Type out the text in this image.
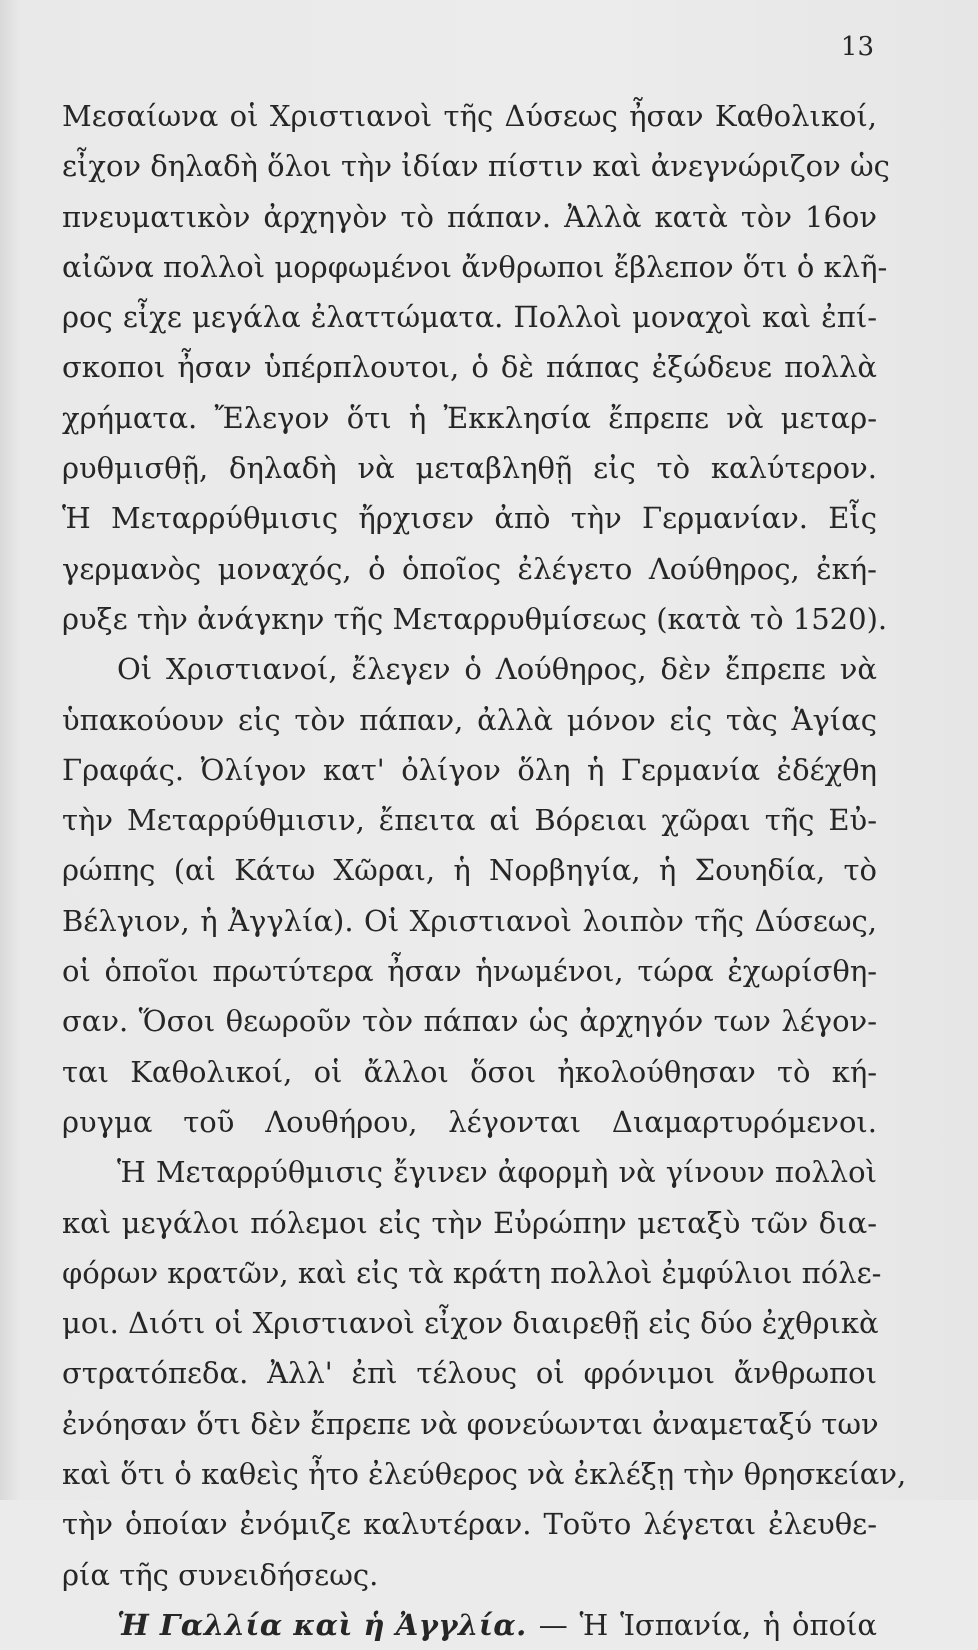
13
Μεσαίωνα οἱ Χριστιανοὶ τῆς Δύσεως ἦσαν Καθολικοί,
εἶχον δηλαδὴ ὅλοι τὴν ἰδίαν πίστιν καὶ ἀνεγνώριζον ὡς
πνευματικὸν ἀρχηγὸν τὸ πάπαν. Ἀλλὰ κατὰ τὸν 16ον
αἰῶνα πολλοὶ μορφωμένοι ἄνθρωποι ἔβλεπον ὅτι ὁ κλῆ-
ρος εἶχε μεγάλα ἐλαττώματα. Πολλοὶ μοναχοὶ καὶ ἐπί-
σκοποι ἦσαν ὑπέρπλουτοι, ὁ δὲ πάπας ἐξώδευε πολλὰ
χρήματα. Ἔλεγον ὅτι ἡ Ἐκκλησία ἔπρεπε νὰ μεταρ-
ρυθμισθῇ, δηλαδὴ νὰ μεταβληθῇ εἰς τὸ καλύτερον.
Ἡ Μεταρρύθμισις ἤρχισεν ἀπὸ τὴν Γερμανίαν. Εἷς
γερμανὸς μοναχός, ὁ ὁποῖος ἐλέγετο Λούθηρος, ἐκή-
ρυξε τὴν ἀνάγκην τῆς Μεταρρυθμίσεως (κατὰ τὸ 1520).
Οἱ Χριστιανοί, ἔλεγεν ὁ Λούθηρος, δὲν ἔπρεπε νὰ
ὑπακούουν εἰς τὸν πάπαν, ἀλλὰ μόνον εἰς τὰς Ἁγίας
Γραφάς. Ὀλίγον κατ' ὀλίγον ὅλη ἡ Γερμανία ἐδέχθη
τὴν Μεταρρύθμισιν, ἔπειτα αἱ Βόρειαι χῶραι τῆς Εὐ-
ρώπης (αἱ Κάτω Χῶραι, ἡ Νορβηγία, ἡ Σουηδία, τὸ
Βέλγιον, ἡ Ἀγγλία). Οἱ Χριστιανοὶ λοιπὸν τῆς Δύσεως,
οἱ ὁποῖοι πρωτύτερα ἦσαν ἡνωμένοι, τώρα ἐχωρίσθη-
σαν. Ὅσοι θεωροῦν τὸν πάπαν ὡς ἀρχηγόν των λέγον-
ται Καθολικοί, οἱ ἄλλοι ὅσοι ἠκολούθησαν τὸ κή-
ρυγμα τοῦ Λουθήρου, λέγονται Διαμαρτυρόμενοι.
Ἡ Μεταρρύθμισις ἔγινεν ἀφορμὴ νὰ γίνουν πολλοὶ
καὶ μεγάλοι πόλεμοι εἰς τὴν Εὐρώπην μεταξὺ τῶν δια-
φόρων κρατῶν, καὶ εἰς τὰ κράτη πολλοὶ ἐμφύλιοι πόλε-
μοι. Διότι οἱ Χριστιανοὶ εἶχον διαιρεθῇ εἰς δύο ἐχθρικὰ
στρατόπεδα. Ἀλλ' ἐπὶ τέλους οἱ φρόνιμοι ἄνθρωποι
ἐνόησαν ὅτι δὲν ἔπρεπε νὰ φονεύωνται ἀναμεταξύ των
καὶ ὅτι ὁ καθεὶς ἦτο ἐλεύθερος νὰ ἐκλέξῃ τὴν θρησκείαν,
τὴν ὁποίαν ἐνόμιζε καλυτέραν. Τοῦτο λέγεται ἐλευθε-
ρία τῆς συνειδήσεως.
Ἡ Γαλλία καὶ ἡ Ἀγγλία. — Ἡ Ἱσπανία, ἡ ὁποία
